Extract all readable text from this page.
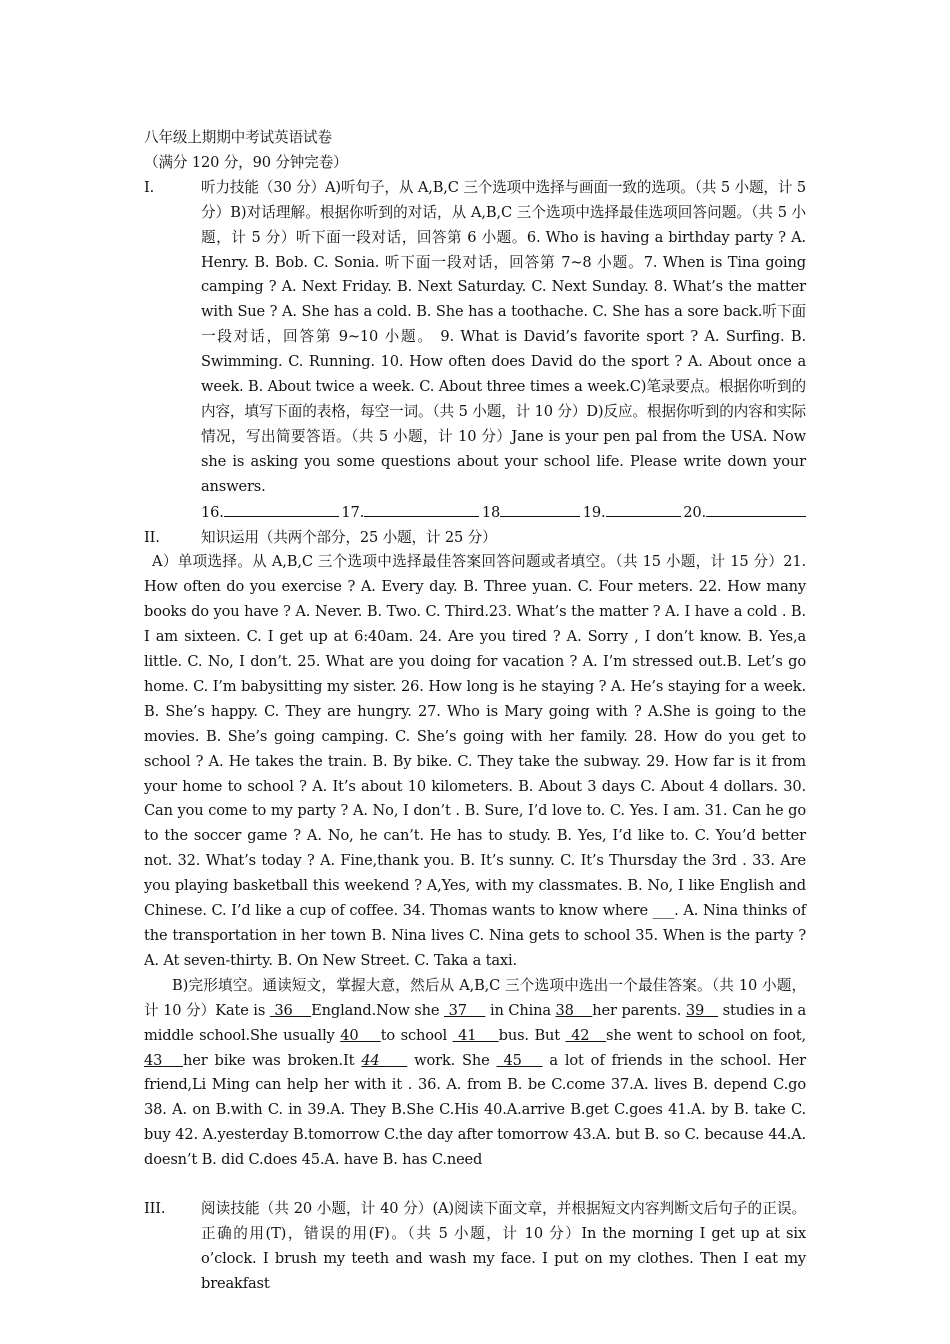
八年级上期期中考试英语试卷

（满分 120 分，90 分钟完卷）

I.	听力技能（30 分）A)听句子，从 A,B,C 三个选项中选择与画面一致的选项。（共 5 小题，计 5 分）B)对话理解。根据你听到的对话，从 A,B,C 三个选项中选择最佳选项回答问题。（共 5 小题，计 5 分）听下面一段对话，回答第 6 小题。6. Who is having a birthday party ? A. Henry. B. Bob. C. Sonia. 听下面一段对话，回答第 7~8 小题。7. When is Tina going camping ? A. Next Friday. B. Next Saturday. C. Next Sunday. 8. What’s the matter with Sue ? A. She has a cold. B. She has a toothache. C. She has a sore back.听下面一段对话，回答第 9~10 小题。 9. What is David’s favorite sport ? A. Surfing. B. Swimming. C. Running. 10. How often does David do the sport ? A. About once a week. B. About twice a week. C. About three times a week.C)笔录要点。根据你听到的内容，填写下面的表格，每空一词。（共 5 小题，计 10 分）D)反应。根据你听到的内容和实际情况，写出简要答语。（共 5 小题，计 10 分）Jane is your pen pal from the USA. Now she is asking you some questions about your school life. Please write down your answers.
16.	17.	18	19.	20.
II.	知识运用（共两个部分，25 小题，计 25 分）

A）单项选择。从 A,B,C 三个选项中选择最佳答案回答问题或者填空。（共 15 小题，计 15 分）21. How often do you exercise ? A. Every day. B. Three yuan. C. Four meters. 22. How many books do you have ? A. Never. B. Two. C. Third.23. What’s the matter ? A. I have a cold . B. I am sixteen. C. I get up at 6:40am. 24. Are you tired ? A. Sorry , I don’t know. B. Yes,a little. C. No, I don’t. 25. What are you doing for vacation ? A. I’m stressed out.B. Let’s go home. C. I’m babysitting my sister. 26. How long is he staying ? A. He’s staying for a week. B. She’s happy. C. They are hungry. 27. Who is Mary going with ? A.She is going to the movies. B. She’s going camping. C. She’s going with her family. 28. How do you get to school ? A. He takes the train. B. By bike. C. They take the subway. 29. How far is it from your home to school ? A. It’s about 10 kilometers. B. About 3 days C. About 4 dollars. 30. Can you come to my party ? A. No, I don’t . B. Sure, I’d love to. C. Yes. I am. 31. Can he go to the soccer game ? A. No, he can’t. He has to study. B. Yes, I’d like to. C. You’d better not. 32. What’s today ? A. Fine,thank you. B. It’s sunny. C. It’s Thursday the 3rd . 33. Are you playing basketball this weekend ? A,Yes, with my classmates. B. No, I like English and Chinese. C. I’d like a cup of coffee. 34. Thomas wants to know where ___. A. Nina thinks of the transportation in her town B. Nina lives C. Nina gets to school 35. When is the party ? A. At seven-thirty. B. On New Street. C. Taka a taxi.

B)完形填空。通读短文，掌握大意，然后从 A,B,C 三个选项中选出一个最佳答案。（共 10 小题，计 10 分）Kate is  36 England.Now she  37     in China 38 her parents. 39    studies in a middle school.She usually 40 to school  41 bus. But  42 she went to school on foot, 43 her bike was broken.It 44     work. She  45    a lot of friends in the school. Her friend,Li Ming can help her with it . 36. A. from B. be C.come 37.A. lives B. depend C.go 38. A. on B.with C. in 39.A. They B.She C.His 40.A.arrive B.get C.goes 41.A. by B. take C. buy 42. A.yesterday B.tomorrow C.the day after tomorrow 43.A. but B. so C. because 44.A. doesn’t B. did C.does 45.A. have B. has C.need

III.	阅读技能（共 20 小题，计 40 分）(A)阅读下面文章，并根据短文内容判断文后句子的正误。正确的用(T)，错误的用(F)。（共 5 小题，计 10 分）In the morning I get up at six o’clock. I brush my teeth and wash my face. I put on my clothes. Then I eat my breakfast
